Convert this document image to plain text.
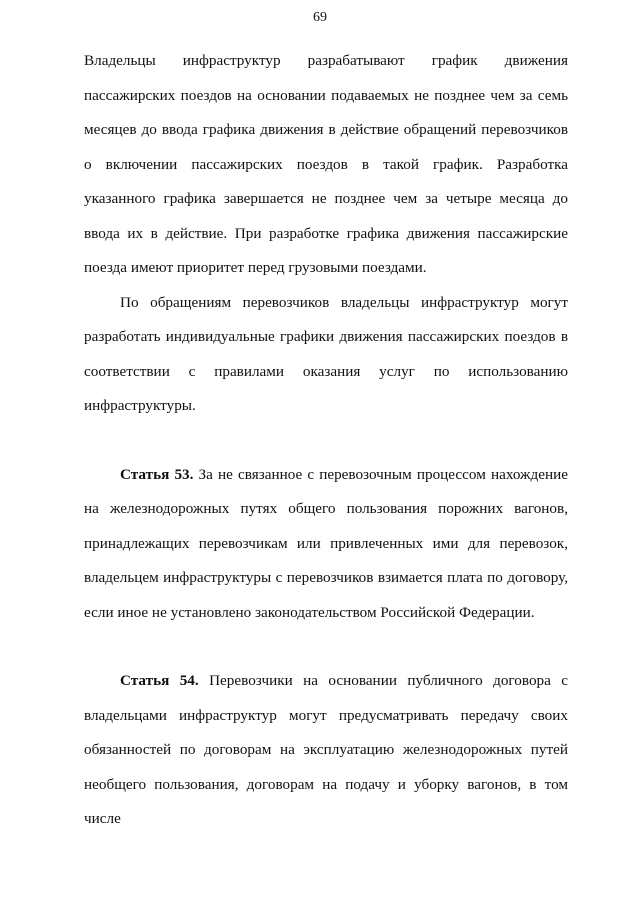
69

Владельцы инфраструктур разрабатывают график движения пассажирских поездов на основании подаваемых не позднее чем за семь месяцев до ввода графика движения в действие обращений перевозчиков о включении пассажирских поездов в такой график. Разработка указанного графика завершается не позднее чем за четыре месяца до ввода их в действие. При разработке графика движения пассажирские поезда имеют приоритет перед грузовыми поездами.

По обращениям перевозчиков владельцы инфраструктур могут разработать индивидуальные графики движения пассажирских поездов в соответствии с правилами оказания услуг по использованию инфраструктуры.

Статья 53. За не связанное с перевозочным процессом нахождение на железнодорожных путях общего пользования порожних вагонов, принадлежащих перевозчикам или привлеченных ими для перевозок, владельцем инфраструктуры с перевозчиков взимается плата по договору, если иное не установлено законодательством Российской Федерации.

Статья 54. Перевозчики на основании публичного договора с владельцами инфраструктур могут предусматривать передачу своих обязанностей по договорам на эксплуатацию железнодорожных путей необщего пользования, договорам на подачу и уборку вагонов, в том числе
